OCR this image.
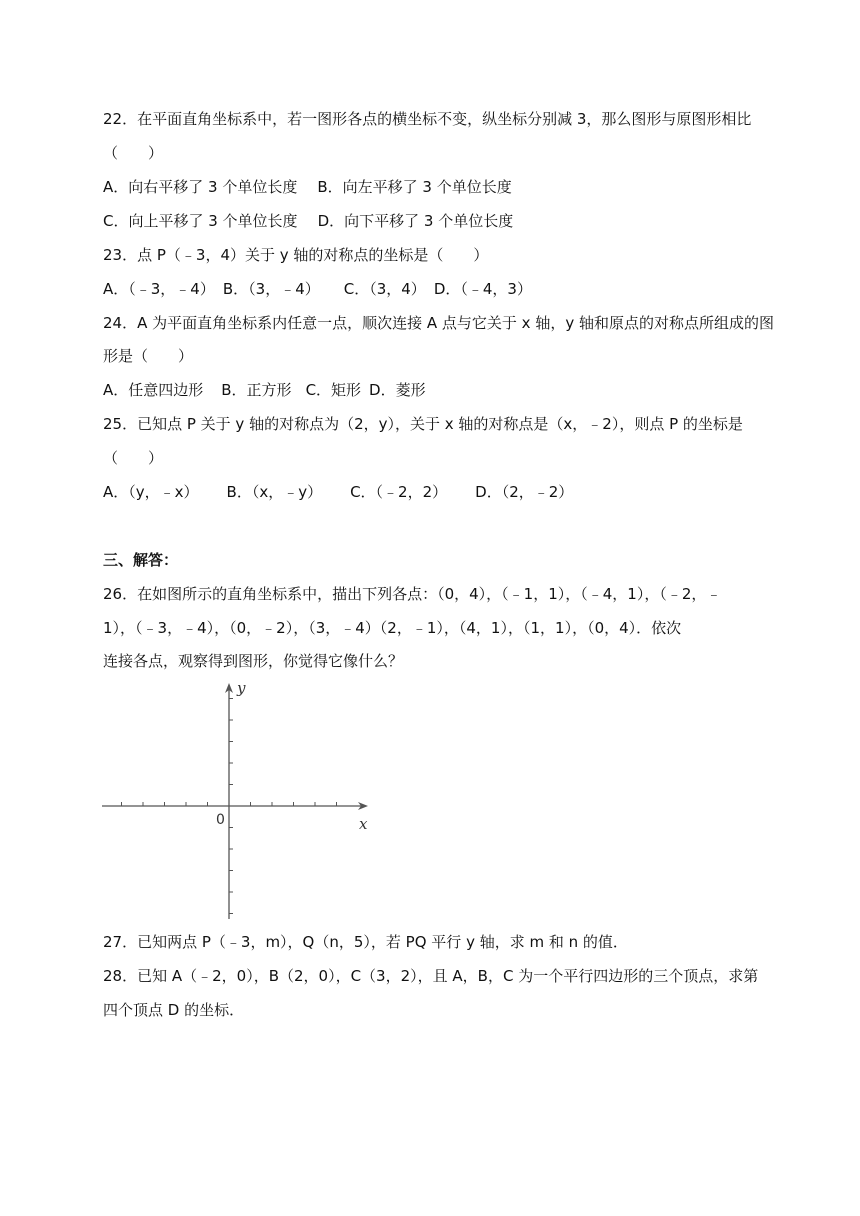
22．在平面直角坐标系中，若一图形各点的横坐标不变，纵坐标分别减 3，那么图形与原图形相比
（　　）
A．向右平移了 3 个单位长度 B．向左平移了 3 个单位长度
C．向上平移了 3 个单位长度 D．向下平移了 3 个单位长度
23．点 P（﹣3，4）关于 y 轴的对称点的坐标是（　　）
A．（﹣3，﹣4） B．（3，﹣4） C．（3，4） D．（﹣4，3）
24．A 为平面直角坐标系内任意一点，顺次连接 A 点与它关于 x 轴，y 轴和原点的对称点所组成的图
形是（　　）
A．任意四边形 B．正方形 C．矩形 D．菱形
25．已知点 P 关于 y 轴的对称点为（2，y），关于 x 轴的对称点是（x，﹣2），则点 P 的坐标是
（　　）
A．（y，﹣x） B．（x，﹣y） C．（﹣2，2） D．（2，﹣2）
三、解答：
26．在如图所示的直角坐标系中，描出下列各点：（0，4），（﹣1，1），（﹣4，1），（﹣2，﹣
1），（﹣3，﹣4），（0，﹣2），（3，﹣4）（2，﹣1），（4，1），（1，1），（0，4）．依次
连接各点，观察得到图形，你觉得它像什么？
y
x
0
27．已知两点 P（﹣3，m），Q（n，5），若 PQ 平行 y 轴，求 m 和 n 的值．
28．已知 A（﹣2，0），B（2，0），C（3，2），且 A，B，C 为一个平行四边形的三个顶点，求第
四个顶点 D 的坐标．
